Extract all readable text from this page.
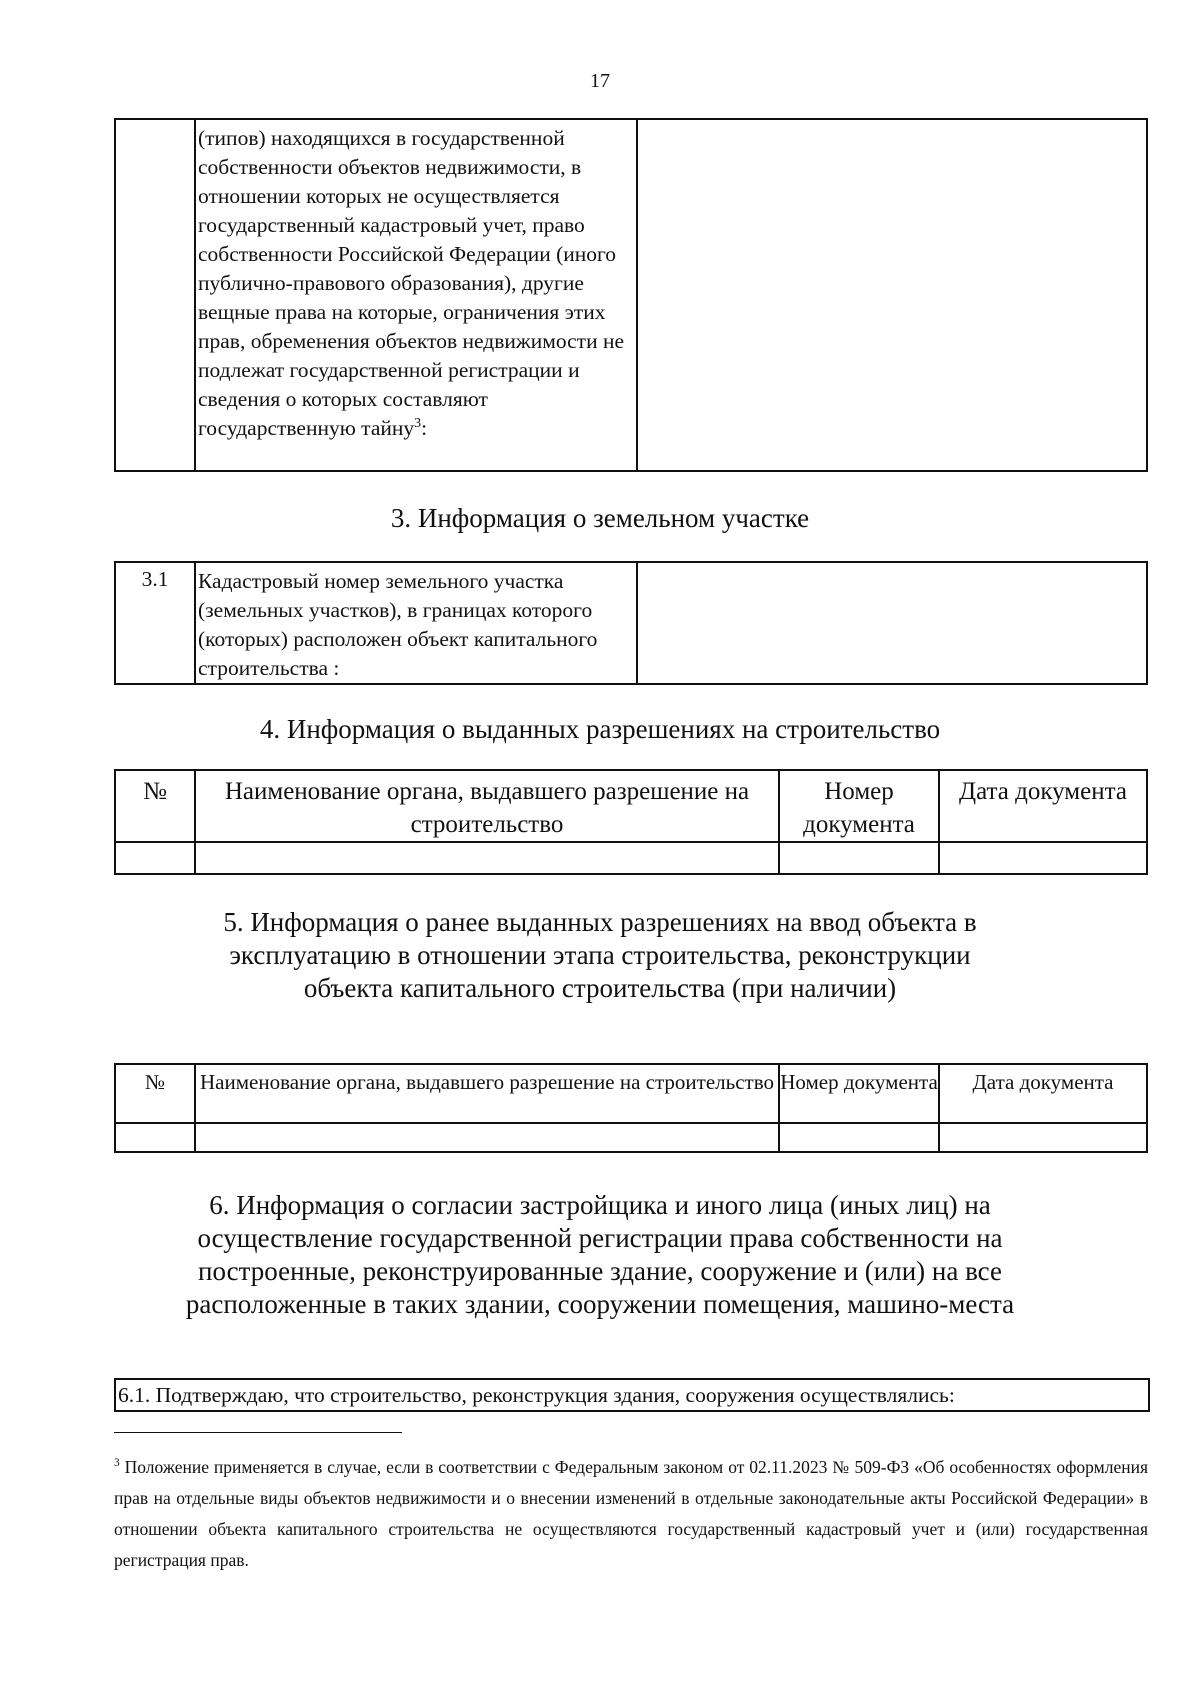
17
	(типов) находящихся в государственной собственности объектов недвижимости, в отношении которых не осуществляется государственный кадастровый учет, право собственности Российской Федерации (иного публично-правового образования), другие вещные права на которые, ограничения этих прав, обременения объектов недвижимости не подлежат государственной регистрации и сведения о которых составляют государственную тайну$^3$:	
3. Информация о земельном участке
3.1	Кадастровый номер земельного участка (земельных участков), в границах которого (которых) расположен объект капитального строительства :	
4. Информация о выданных разрешениях на строительство
№	Наименование органа, выдавшего разрешение на строительство	Номер документа	Дата документа

5. Информация о ранее выданных разрешениях на ввод объекта в эксплуатацию в отношении этапа строительства, реконструкции объекта капитального строительства (при наличии)
№	Наименование органа, выдавшего разрешение на строительство	Номер документа	Дата документа

6. Информация о согласии застройщика и иного лица (иных лиц) на осуществление государственной регистрации права собственности на построенные, реконструированные здание, сооружение и (или) на все расположенные в таких здании, сооружении помещения, машино-места
6.1. Подтверждаю, что строительство, реконструкция здания, сооружения осуществлялись:
$^3$ Положение применяется в случае, если в соответствии с Федеральным законом от 02.11.2023 № 509-ФЗ «Об особенностях оформления прав на отдельные виды объектов недвижимости и о внесении изменений в отдельные законодательные акты Российской Федерации» в отношении объекта капитального строительства не осуществляются государственный кадастровый учет и (или) государственная регистрация прав.
